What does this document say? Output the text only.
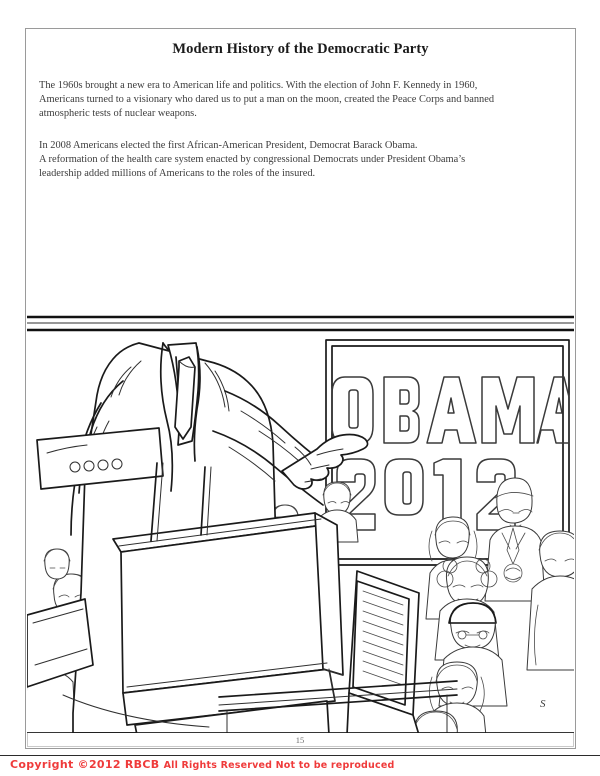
Modern History of the Democratic Party

The 1960s brought a new era to American life and politics. With the election of John F. Kennedy in 1960,
Americans turned to a visionary who dared us to put a man on the moon, created the Peace Corps and banned
atmospheric tests of nuclear weapons.

In 2008 Americans elected the first African-American President, Democrat Barack Obama.
A reformation of the health care system enacted by congressional Democrats under President Obama’s
leadership added millions of Americans to the roles of the insured.

S
15
Copyright ©2012 RBCB All Rights Reserved Not to be reproduced
